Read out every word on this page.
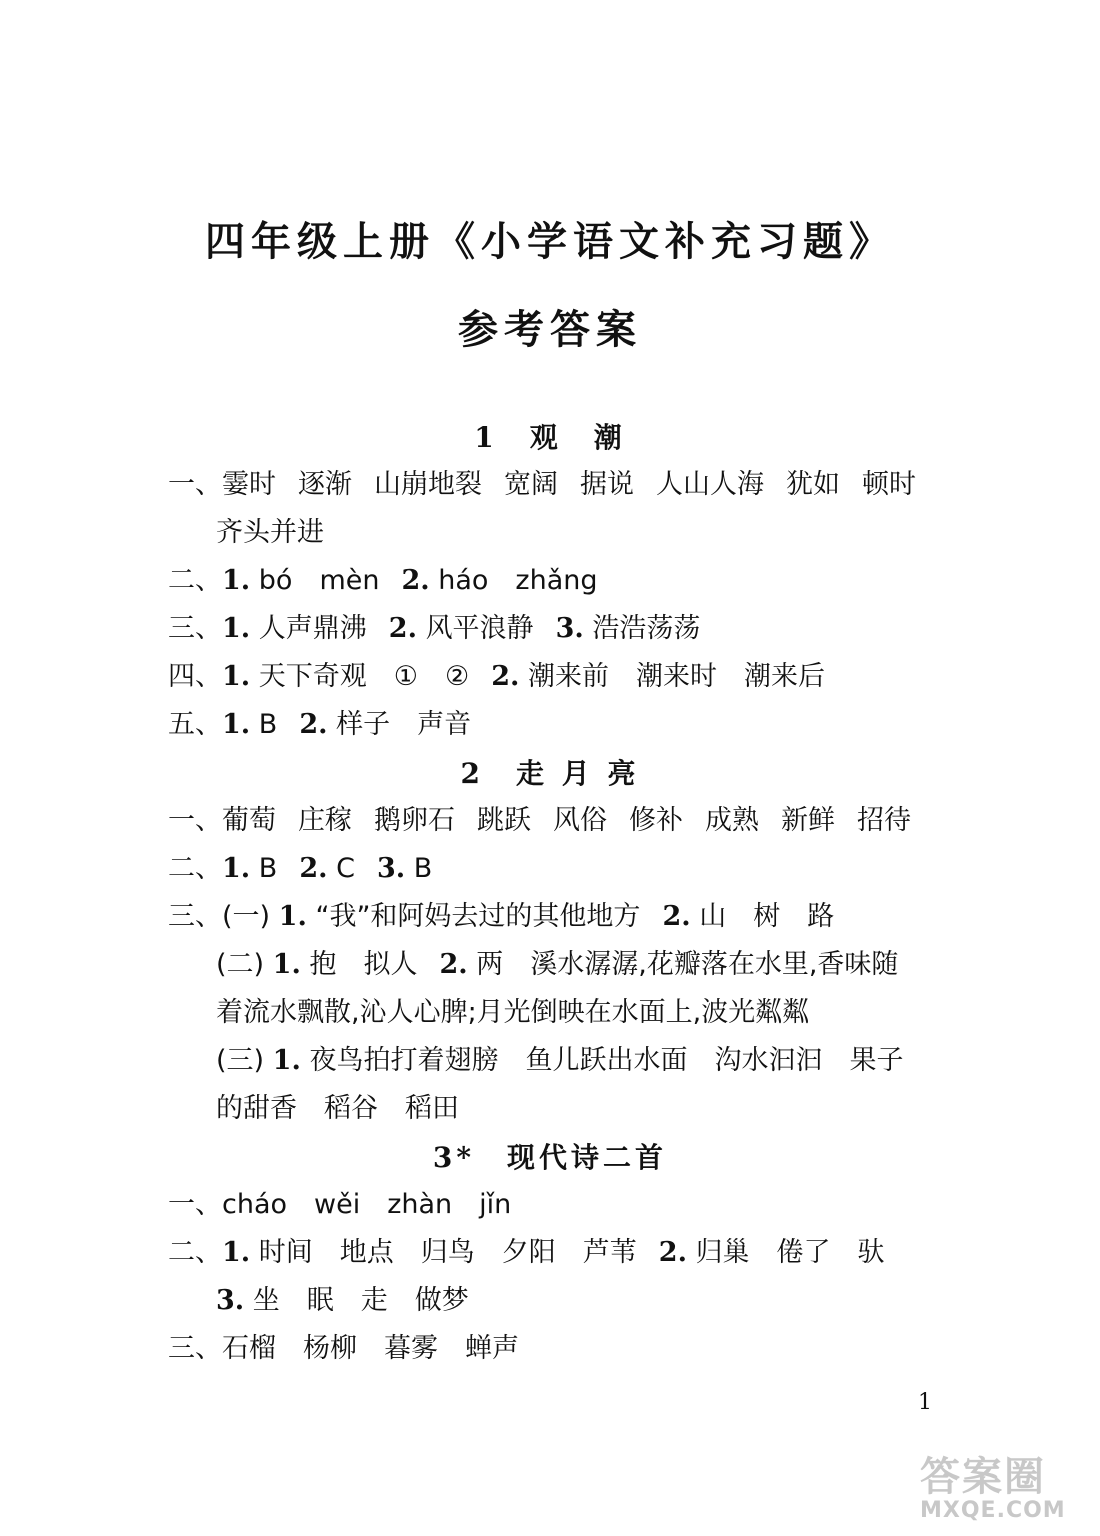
四年级上册《小学语文补充习题》
参考答案
1　观　潮
一、霎时 逐渐 山崩地裂 宽阔 据说 人山人海 犹如 顿时
齐头并进
二、1. bó　mèn 2. háo　zhǎng
三、1. 人声鼎沸 2. 风平浪静 3. 浩浩荡荡
四、1. 天下奇观　①　② 2. 潮来前　潮来时　潮来后
五、1. B 2. 样子　声音
2　走 月 亮
一、葡萄 庄稼 鹅卵石 跳跃 风俗 修补 成熟 新鲜 招待
二、1. B 2. C 3. B
三、(一) 1. “我”和阿妈去过的其他地方 2. 山　树　路
(二) 1. 抱　拟人 2. 两　溪水潺潺,花瓣落在水里,香味随
着流水飘散,沁人心脾;月光倒映在水面上,波光粼粼
(三) 1. 夜鸟拍打着翅膀　鱼儿跃出水面　沟水汩汩　果子
的甜香　稻谷　稻田
3*　现代诗二首
一、cháo　wěi　zhàn　jǐn
二、1. 时间　地点　归鸟　夕阳　芦苇 2. 归巢　倦了　驮
3. 坐　眠　走　做梦
三、石榴　杨柳　暮雾　蝉声
1
答案圈
MXQE.COM
